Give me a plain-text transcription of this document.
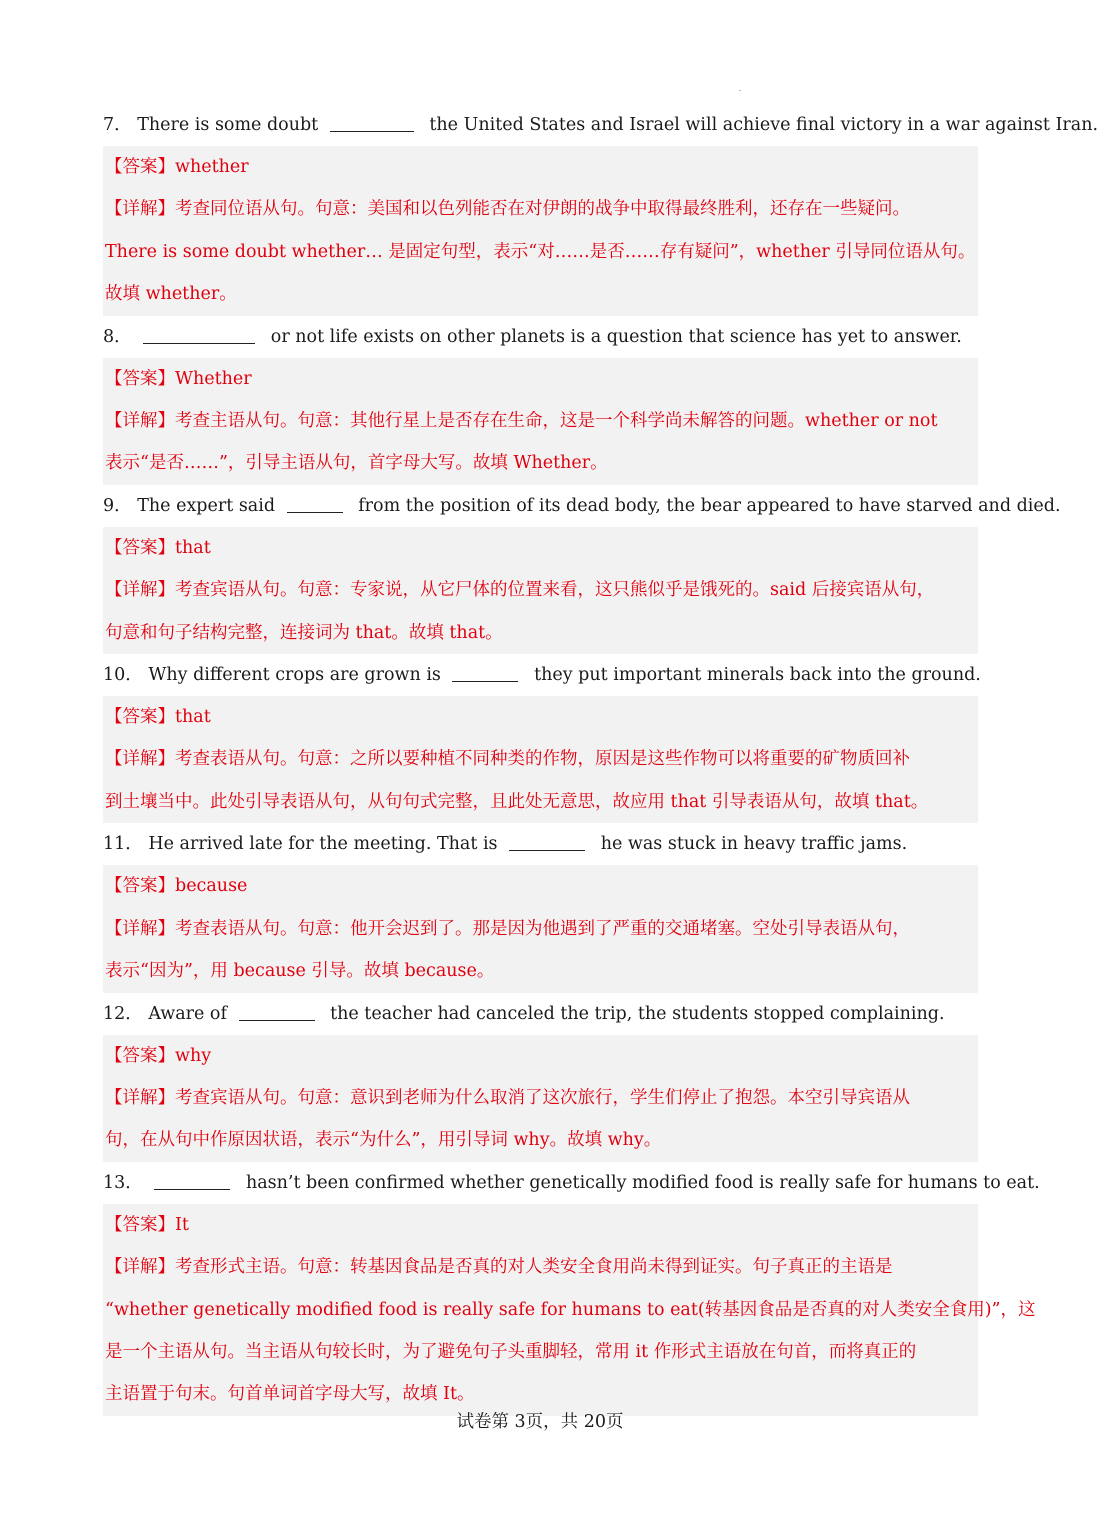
7． There is some doubt	the United States and Israel will achieve final victory in a war against Iran.
【答案】whether
【详解】考查同位语从句。句意：美国和以色列能否在对伊朗的战争中取得最终胜利，还存在一些疑问。
There is some doubt whether… 是固定句型，表示“对……是否……存有疑问”，whether 引导同位语从句。
故填 whether。
8．	or not life exists on other planets is a question that science has yet to answer.
【答案】Whether
【详解】考查主语从句。句意：其他行星上是否存在生命，这是一个科学尚未解答的问题。whether or not
表示“是否……”，引导主语从句，首字母大写。故填 Whether。
9． The expert said	from the position of its dead body, the bear appeared to have starved and died.
【答案】that
【详解】考查宾语从句。句意：专家说，从它尸体的位置来看，这只熊似乎是饿死的。said 后接宾语从句，
句意和句子结构完整，连接词为 that。故填 that。
10． Why different crops are grown is	they put important minerals back into the ground.
【答案】that
【详解】考查表语从句。句意：之所以要种植不同种类的作物，原因是这些作物可以将重要的矿物质回补
到土壤当中。此处引导表语从句，从句句式完整，且此处无意思，故应用 that 引导表语从句，故填 that。
11． He arrived late for the meeting. That is	he was stuck in heavy traffic jams.
【答案】because
【详解】考查表语从句。句意：他开会迟到了。那是因为他遇到了严重的交通堵塞。空处引导表语从句，
表示“因为”，用 because 引导。故填 because。
12． Aware of	the teacher had canceled the trip, the students stopped complaining.
【答案】why
【详解】考查宾语从句。句意：意识到老师为什么取消了这次旅行，学生们停止了抱怨。本空引导宾语从
句，在从句中作原因状语，表示“为什么”，用引导词 why。故填 why。
13．	hasn’t been confirmed whether genetically modified food is really safe for humans to eat.
【答案】It
【详解】考查形式主语。句意：转基因食品是否真的对人类安全食用尚未得到证实。句子真正的主语是
“whether genetically modified food is really safe for humans to eat(转基因食品是否真的对人类安全食用)”，这
是一个主语从句。当主语从句较长时，为了避免句子头重脚轻，常用 it 作形式主语放在句首，而将真正的
主语置于句末。句首单词首字母大写，故填 It。
试卷第 3页，共 20页
